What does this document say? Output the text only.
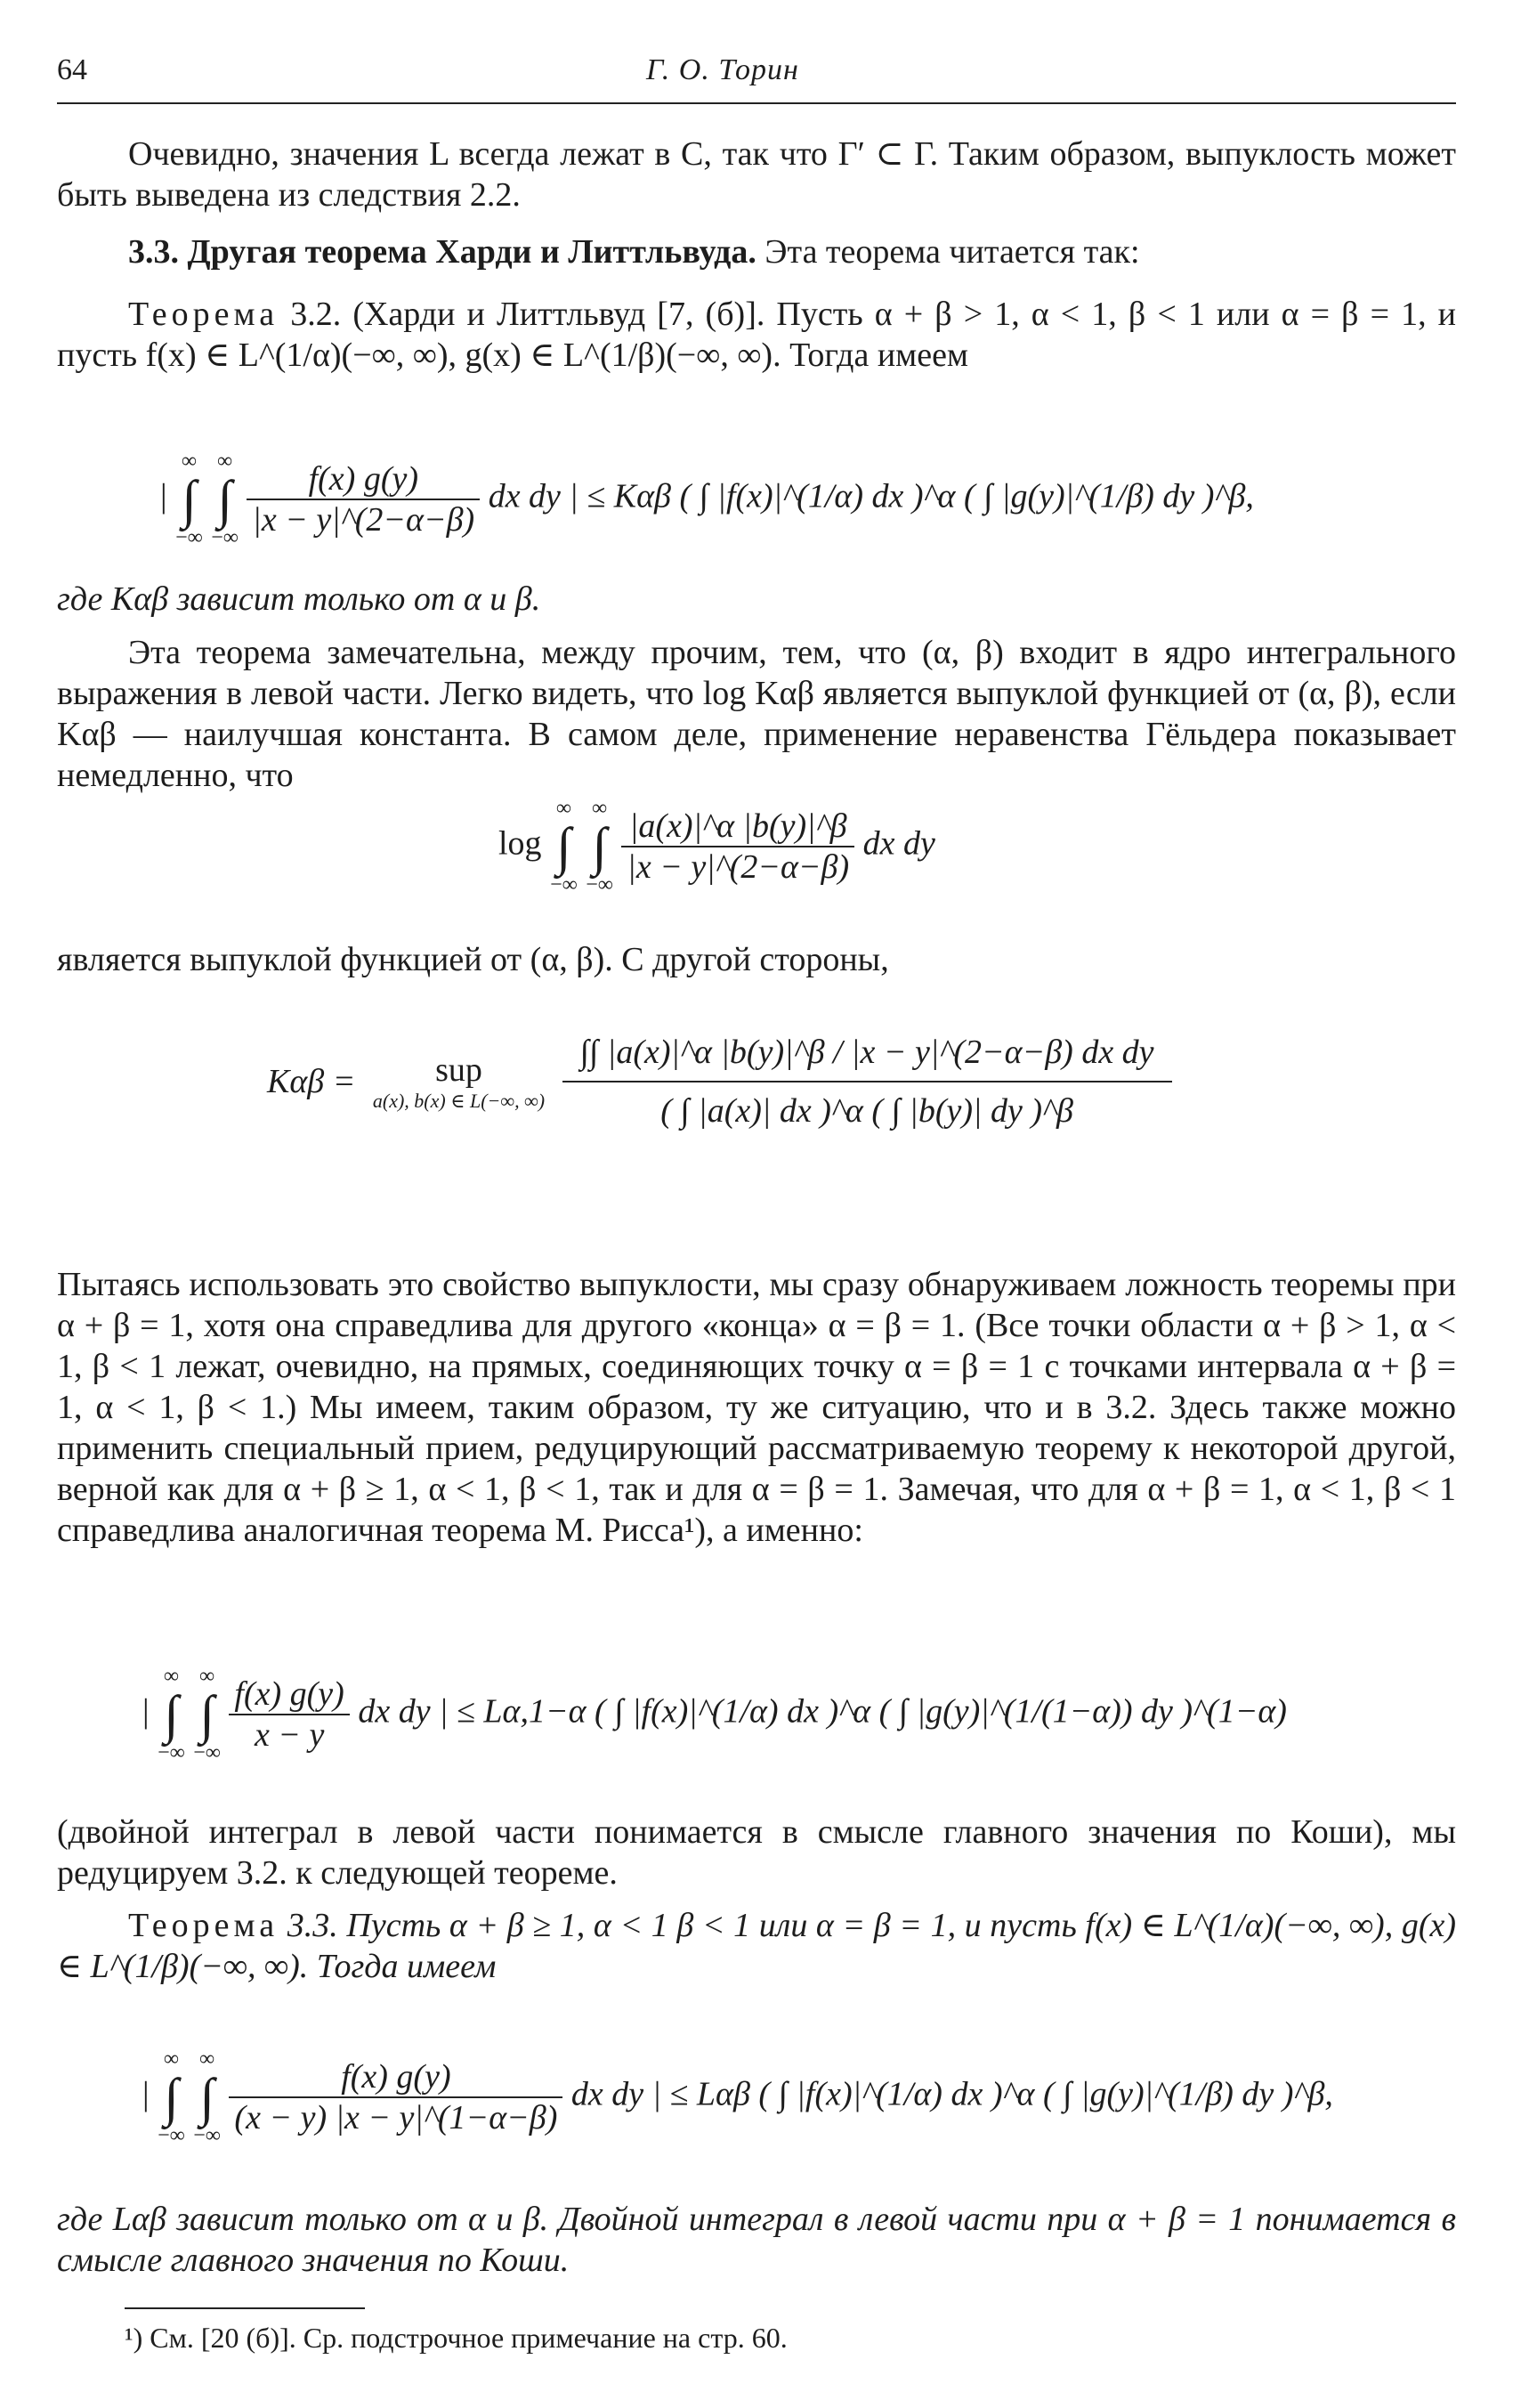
64	Г. О. Торин

Очевидно, значения L всегда лежат в C, так что Γ′ ⊂ Γ. Таким образом, выпуклость может быть выведена из следствия 2.2.

3.3. Другая теорема Харди и Литтльвуда. Эта теорема читается так:

Теорема 3.2. (Харди и Литтльвуд [7, (б)]. Пусть α + β > 1, α < 1, β < 1 или α = β = 1, и пусть f(x) ∈ L^(1/α)(−∞, ∞), g(x) ∈ L^(1/β)(−∞, ∞). Тогда имеем

|
∞
∫
−∞

∞
∫
−∞
$\frac{f(x) g(y)}{|x - y|\^{}(2-\alpha-\beta)}$ dx dy | ≤ Kαβ ( ∫ |f(x)|^(1/α) dx )^α ( ∫ |g(y)|^(1/β) dy )^β,

где Kαβ зависит только от α и β.

Эта теорема замечательна, между прочим, тем, что (α, β) входит в ядро интегрального выражения в левой части. Легко видеть, что log Kαβ является выпуклой функцией от (α, β), если Kαβ — наилучшая константа. В самом деле, применение неравенства Гёльдера показывает немедленно, что

log
∞
∫
−∞

∞
∫
−∞
$\frac{|a(x)|\^{}\alpha |b(y)|\^{}\beta}{|x - y|\^{}(2-\alpha-\beta)}$ dx dy

является выпуклой функцией от (α, β). С другой стороны,

Kαβ =	sup
a(x), b(x) ∈ L(−∞, ∞)
$\frac{\text{∫∫ |a(x)|\textasciicircum{}α |b(y)|\textasciicircum{}β / |x − y|\textasciicircum{}(2−α−β) dx dy}}{( \int |a(x)| dx )\^{}\alpha ( \int |b(y)| dy )\^{}\beta}$

Пытаясь использовать это свойство выпуклости, мы сразу обнаруживаем ложность теоремы при α + β = 1, хотя она справедлива для другого «конца» α = β = 1. (Все точки области α + β > 1, α < 1, β < 1 лежат, очевидно, на прямых, соединяющих точку α = β = 1 с точками интервала α + β = 1, α < 1, β < 1.) Мы имеем, таким образом, ту же ситуацию, что и в 3.2. Здесь также можно применить специальный прием, редуцирующий рассматриваемую теорему к некоторой другой, верной как для α + β ≥ 1, α < 1, β < 1, так и для α = β = 1. Замечая, что для α + β = 1, α < 1, β < 1 справедлива аналогичная теорема М. Рисса¹), а именно:

|
∞
∫
−∞

∞
∫
−∞
$\frac{f(x) g(y)}{x - y}$ dx dy | ≤ Lα,1−α ( ∫ |f(x)|^(1/α) dx )^α ( ∫ |g(y)|^(1/(1−α)) dy )^(1−α)

(двойной интеграл в левой части понимается в смысле главного значения по Коши), мы редуцируем 3.2. к следующей теореме.

Теорема 3.3. Пусть α + β ≥ 1, α < 1 β < 1 или α = β = 1, и пусть f(x) ∈ L^(1/α)(−∞, ∞), g(x) ∈ L^(1/β)(−∞, ∞). Тогда имеем

|
∞
∫
−∞

∞
∫
−∞
$\frac{f(x) g(y)}{(x - y) |x - y|\^{}(1-\alpha-\beta)}$ dx dy | ≤ Lαβ ( ∫ |f(x)|^(1/α) dx )^α ( ∫ |g(y)|^(1/β) dy )^β,

где Lαβ зависит только от α и β. Двойной интеграл в левой части при α + β = 1 понимается в смысле главного значения по Коши.

¹) См. [20 (б)]. Ср. подстрочное примечание на стр. 60.
